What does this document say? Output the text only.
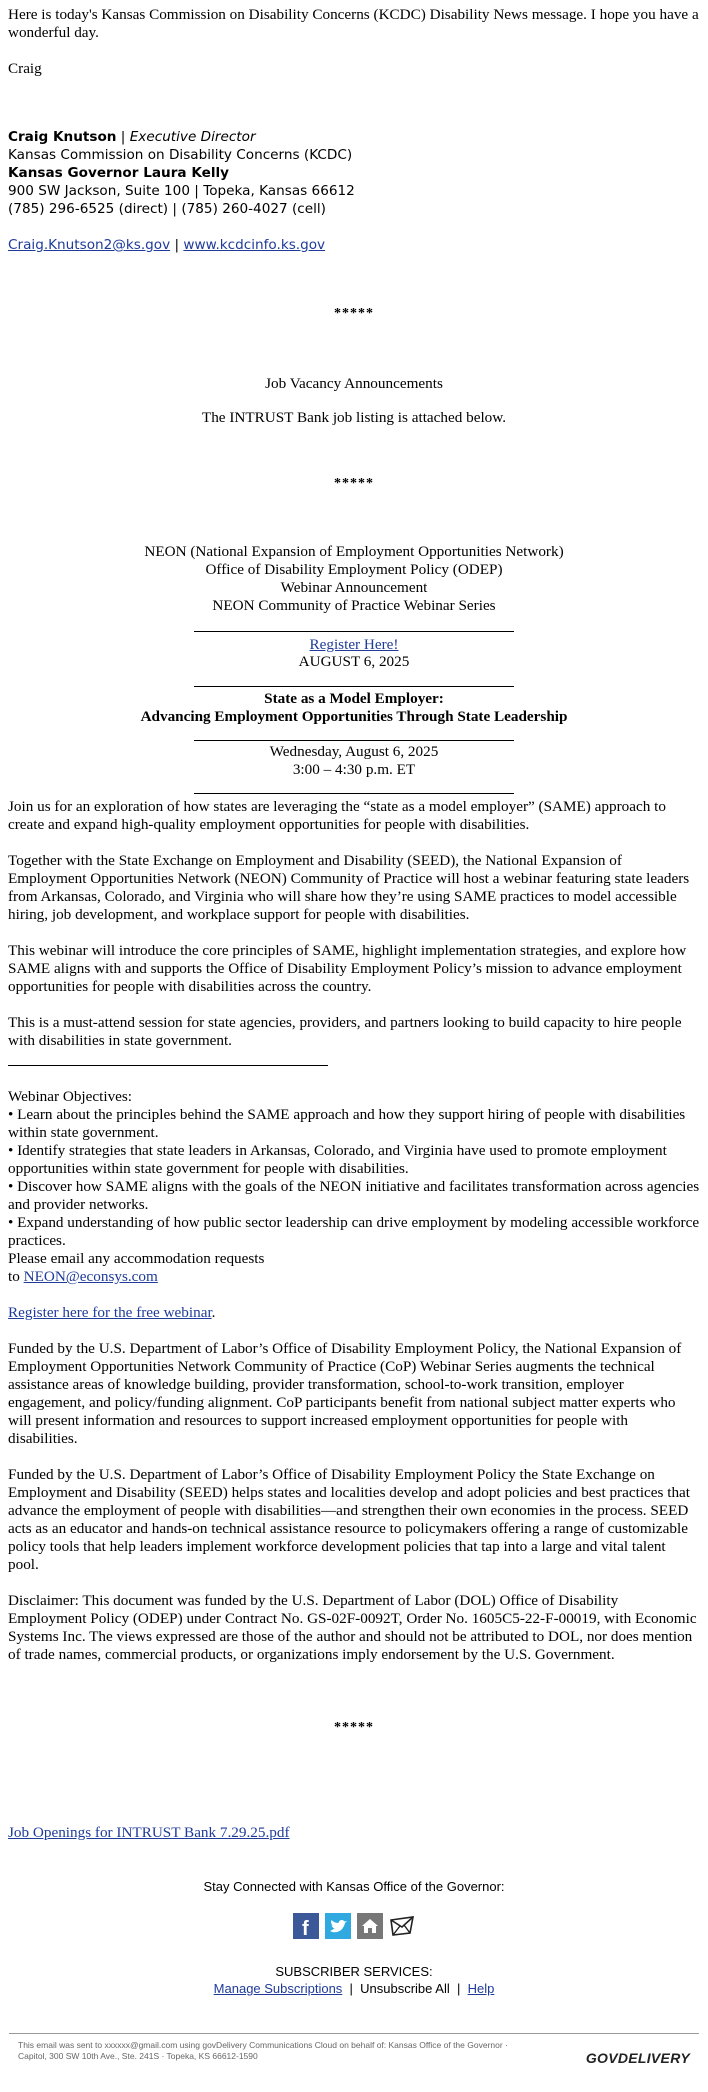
Here is today's Kansas Commission on Disability Concerns (KCDC) Disability News message. I hope you have a wonderful day.

Craig

Craig Knutson | Executive Director
Kansas Commission on Disability Concerns (KCDC)
Kansas Governor Laura Kelly
900 SW Jackson, Suite 100 | Topeka, Kansas 66612
(785) 296-6525 (direct) | (785) 260-4027 (cell)
Craig.Knutson2@ks.gov | www.kcdcinfo.ks.gov
*****
Job Vacancy Announcements
The INTRUST Bank job listing is attached below.
*****

NEON (National Expansion of Employment Opportunities Network)

Office of Disability Employment Policy (ODEP)

Webinar Announcement

NEON Community of Practice Webinar Series

Register Here!
AUGUST 6, 2025
State as a Model Employer:
Advancing Employment Opportunities Through State Leadership
Wednesday, August 6, 2025
3:00 – 4:30 p.m. ET

Join us for an exploration of how states are leveraging the “state as a model employer” (SAME) approach to create and expand high-quality employment opportunities for people with disabilities.

Together with the State Exchange on Employment and Disability (SEED), the National Expansion of Employment Opportunities Network (NEON) Community of Practice will host a webinar featuring state leaders from Arkansas, Colorado, and Virginia who will share how they’re using SAME practices to model accessible hiring, job development, and workplace support for people with disabilities.

This webinar will introduce the core principles of SAME, highlight implementation strategies, and explore how SAME aligns with and supports the Office of Disability Employment Policy’s mission to advance employment opportunities for people with disabilities across the country.

This is a must-attend session for state agencies, providers, and partners looking to build capacity to hire people with disabilities in state government.

Webinar Objectives:

• Learn about the principles behind the SAME approach and how they support hiring of people with disabilities within state government.

• Identify strategies that state leaders in Arkansas, Colorado, and Virginia have used to promote employment opportunities within state government for people with disabilities.

• Discover how SAME aligns with the goals of the NEON initiative and facilitates transformation across agencies and provider networks.

• Expand understanding of how public sector leadership can drive employment by modeling accessible workforce practices.

Please email any accommodation requests

to NEON@econsys.com

Register here for the free webinar.

Funded by the U.S. Department of Labor’s Office of Disability Employment Policy, the National Expansion of Employment Opportunities Network Community of Practice (CoP) Webinar Series augments the technical assistance areas of knowledge building, provider transformation, school-to-work transition, employer engagement, and policy/funding alignment. CoP participants benefit from national subject matter experts who will present information and resources to support increased employment opportunities for people with disabilities.

Funded by the U.S. Department of Labor’s Office of Disability Employment Policy the State Exchange on Employment and Disability (SEED) helps states and localities develop and adopt policies and best practices that advance the employment of people with disabilities—and strengthen their own economies in the process. SEED acts as an educator and hands-on technical assistance resource to policymakers offering a range of customizable policy tools that help leaders implement workforce development policies that tap into a large and vital talent pool.

Disclaimer: This document was funded by the U.S. Department of Labor (DOL) Office of Disability Employment Policy (ODEP) under Contract No. GS-02F-0092T, Order No. 1605C5-22-F-00019, with Economic Systems Inc. The views expressed are those of the author and should not be attributed to DOL, nor does mention of trade names, commercial products, or organizations imply endorsement by the U.S. Government.

*****
• Job Openings for INTRUST Bank 7.29.25.pdf
Stay Connected with Kansas Office of the Governor:
f
SUBSCRIBER SERVICES:
Manage Subscriptions  |  Unsubscribe All  |  Help
This email was sent to xxxxxx@gmail.com using govDelivery Communications Cloud on behalf of: Kansas Office of the Governor ·
Capitol, 300 SW 10th Ave., Ste. 241S · Topeka, KS 66612-1590	GOVDELIVERY
